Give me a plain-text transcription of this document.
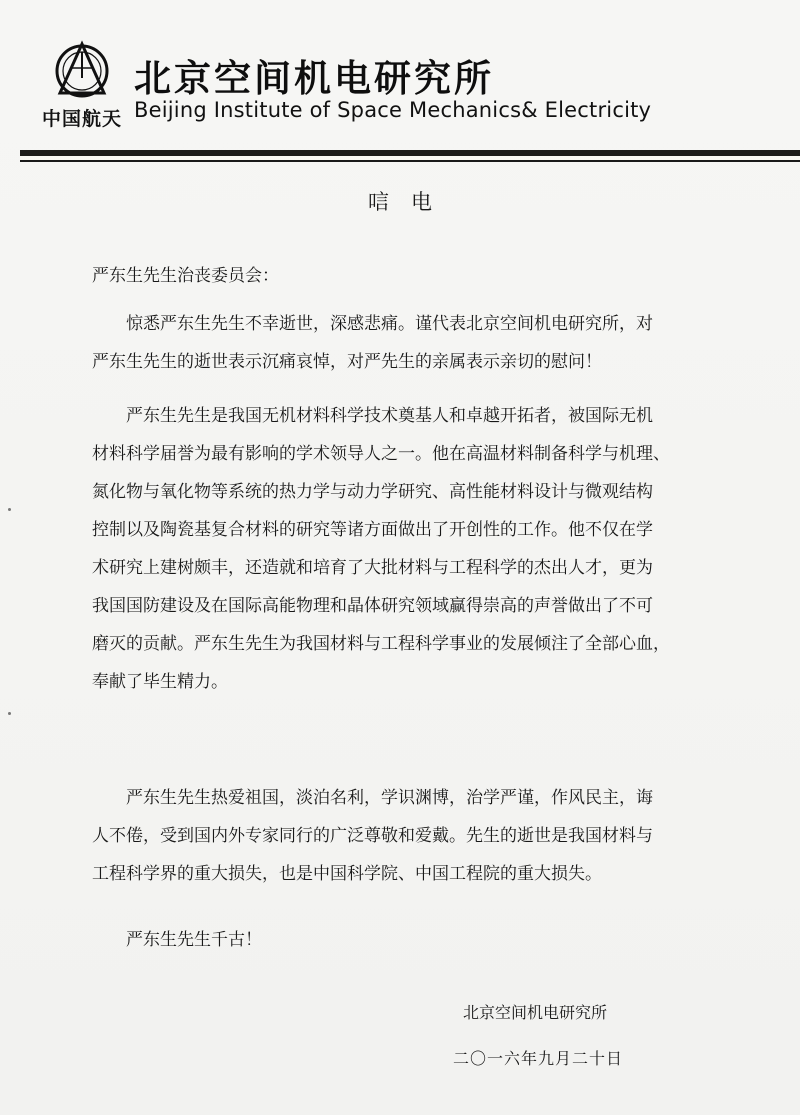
中国航天
北京空间机电研究所
Beijing Institute of Space Mechanics& Electricity
唁电
严东生先生治丧委员会：
惊悉严东生先生不幸逝世，深感悲痛。谨代表北京空间机电研究所，对
严东生先生的逝世表示沉痛哀悼，对严先生的亲属表示亲切的慰问！
严东生先生是我国无机材料科学技术奠基人和卓越开拓者，被国际无机
材料科学届誉为最有影响的学术领导人之一。他在高温材料制备科学与机理、
氮化物与氧化物等系统的热力学与动力学研究、高性能材料设计与微观结构
控制以及陶瓷基复合材料的研究等诸方面做出了开创性的工作。他不仅在学
术研究上建树颇丰，还造就和培育了大批材料与工程科学的杰出人才，更为
我国国防建设及在国际高能物理和晶体研究领域赢得崇高的声誉做出了不可
磨灭的贡献。严东生先生为我国材料与工程科学事业的发展倾注了全部心血，
奉献了毕生精力。
严东生先生热爱祖国，淡泊名利，学识渊博，治学严谨，作风民主，诲
人不倦，受到国内外专家同行的广泛尊敬和爱戴。先生的逝世是我国材料与
工程科学界的重大损失，也是中国科学院、中国工程院的重大损失。
严东生先生千古！
北京空间机电研究所
二〇一六年九月二十日
